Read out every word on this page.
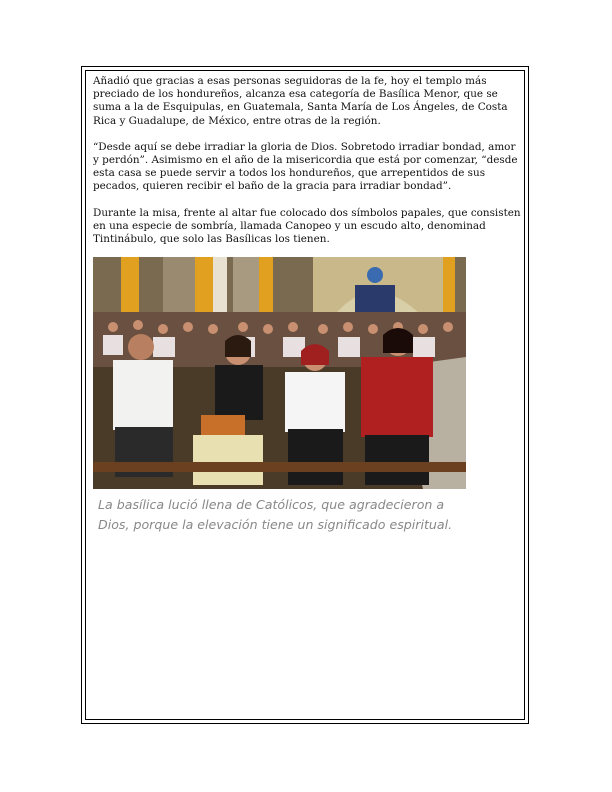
Añadió que gracias a esas personas seguidoras de la fe, hoy el templo más preciado de los hondureños, alcanza esa categoría de Basílica Menor, que se suma a la de Esquipulas, en Guatemala, Santa María de Los Ángeles, de Costa Rica y Guadalupe, de México, entre otras de la región.

“Desde aquí se debe irradiar la gloria de Dios. Sobretodo irradiar bondad, amor y perdón”. Asimismo en el año de la misericordia que está por comenzar, “desde esta casa se puede servir a todos los hondureños, que arrepentidos de sus pecados, quieren recibir el baño de la gracia para irradiar bondad”.

Durante la misa, frente al altar fue colocado dos símbolos papales, que consisten en una especie de sombría, llamada Canopeo y un escudo alto, denominad Tintinábulo, que solo las Basílicas los tienen.

La basílica lució llena de Católicos, que agradecieron a Dios, porque la elevación tiene un significado espiritual.
